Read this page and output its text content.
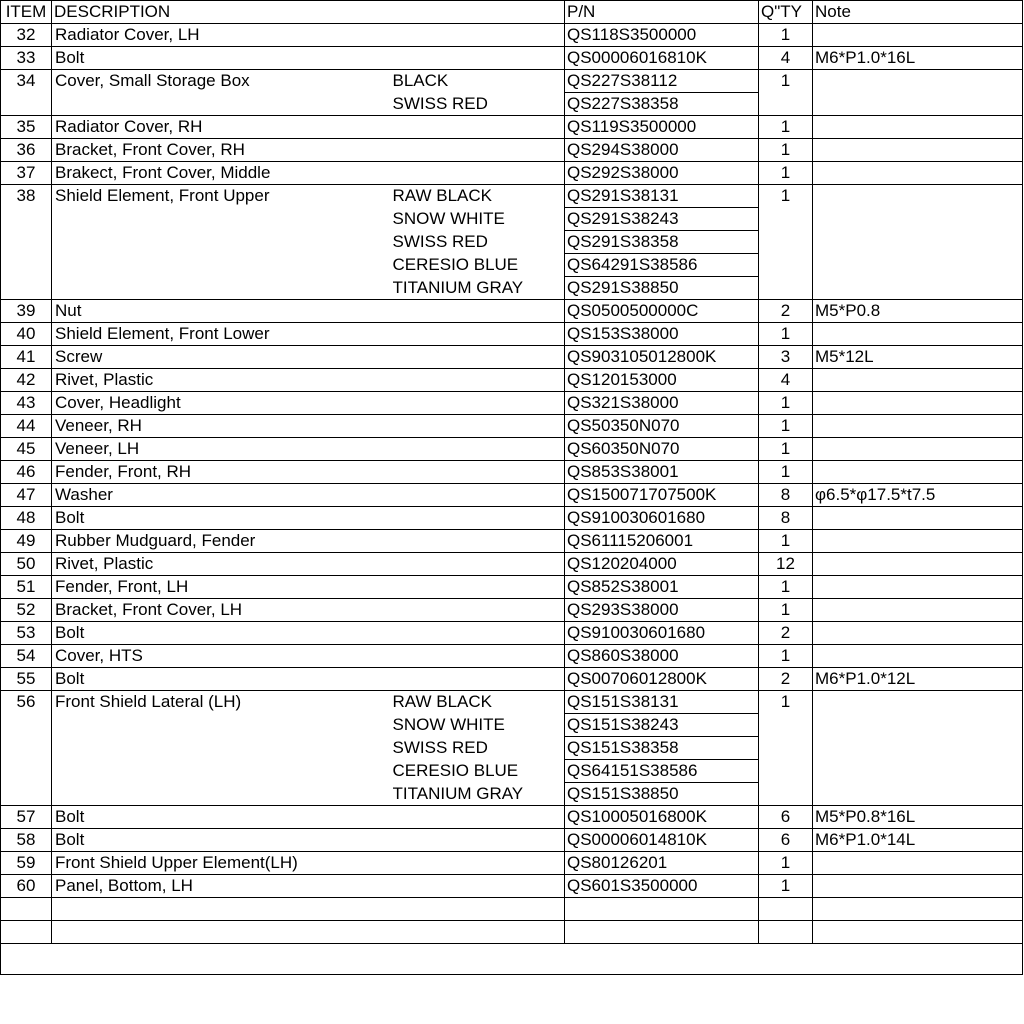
ITEM	DESCRIPTION		P/N	Q"TY	Note
32	Radiator Cover, LH		QS118S3500000	1	
33	Bolt		QS00006016810K	4	M6*P1.0*16L
34	Cover, Small Storage Box	BLACK	QS227S38112	1	
		SWISS RED	QS227S38358		
35	Radiator Cover, RH		QS119S3500000	1	
36	Bracket, Front Cover, RH		QS294S38000	1	
37	Brakect, Front Cover, Middle		QS292S38000	1	
38	Shield Element, Front Upper	RAW BLACK	QS291S38131	1	
		SNOW WHITE	QS291S38243		
		SWISS RED	QS291S38358		
		CERESIO BLUE	QS64291S38586		
		TITANIUM GRAY	QS291S38850		
39	Nut		QS0500500000C	2	M5*P0.8
40	Shield Element, Front Lower		QS153S38000	1	
41	Screw		QS903105012800K	3	M5*12L
42	Rivet, Plastic		QS120153000	4	
43	Cover, Headlight		QS321S38000	1	
44	Veneer, RH		QS50350N070	1	
45	Veneer, LH		QS60350N070	1	
46	Fender, Front, RH		QS853S38001	1	
47	Washer		QS150071707500K	8	φ6.5*φ17.5*t7.5
48	Bolt		QS910030601680	8	
49	Rubber Mudguard, Fender		QS61115206001	1	
50	Rivet, Plastic		QS120204000	12	
51	Fender, Front, LH		QS852S38001	1	
52	Bracket, Front Cover, LH		QS293S38000	1	
53	Bolt		QS910030601680	2	
54	Cover, HTS		QS860S38000	1	
55	Bolt		QS00706012800K	2	M6*P1.0*12L
56	Front Shield Lateral (LH)	RAW BLACK	QS151S38131	1	
		SNOW WHITE	QS151S38243		
		SWISS RED	QS151S38358		
		CERESIO BLUE	QS64151S38586		
		TITANIUM GRAY	QS151S38850		
57	Bolt		QS10005016800K	6	M5*P0.8*16L
58	Bolt		QS00006014810K	6	M6*P1.0*14L
59	Front Shield Upper Element(LH)		QS80126201	1	
60	Panel, Bottom, LH		QS601S3500000	1	
